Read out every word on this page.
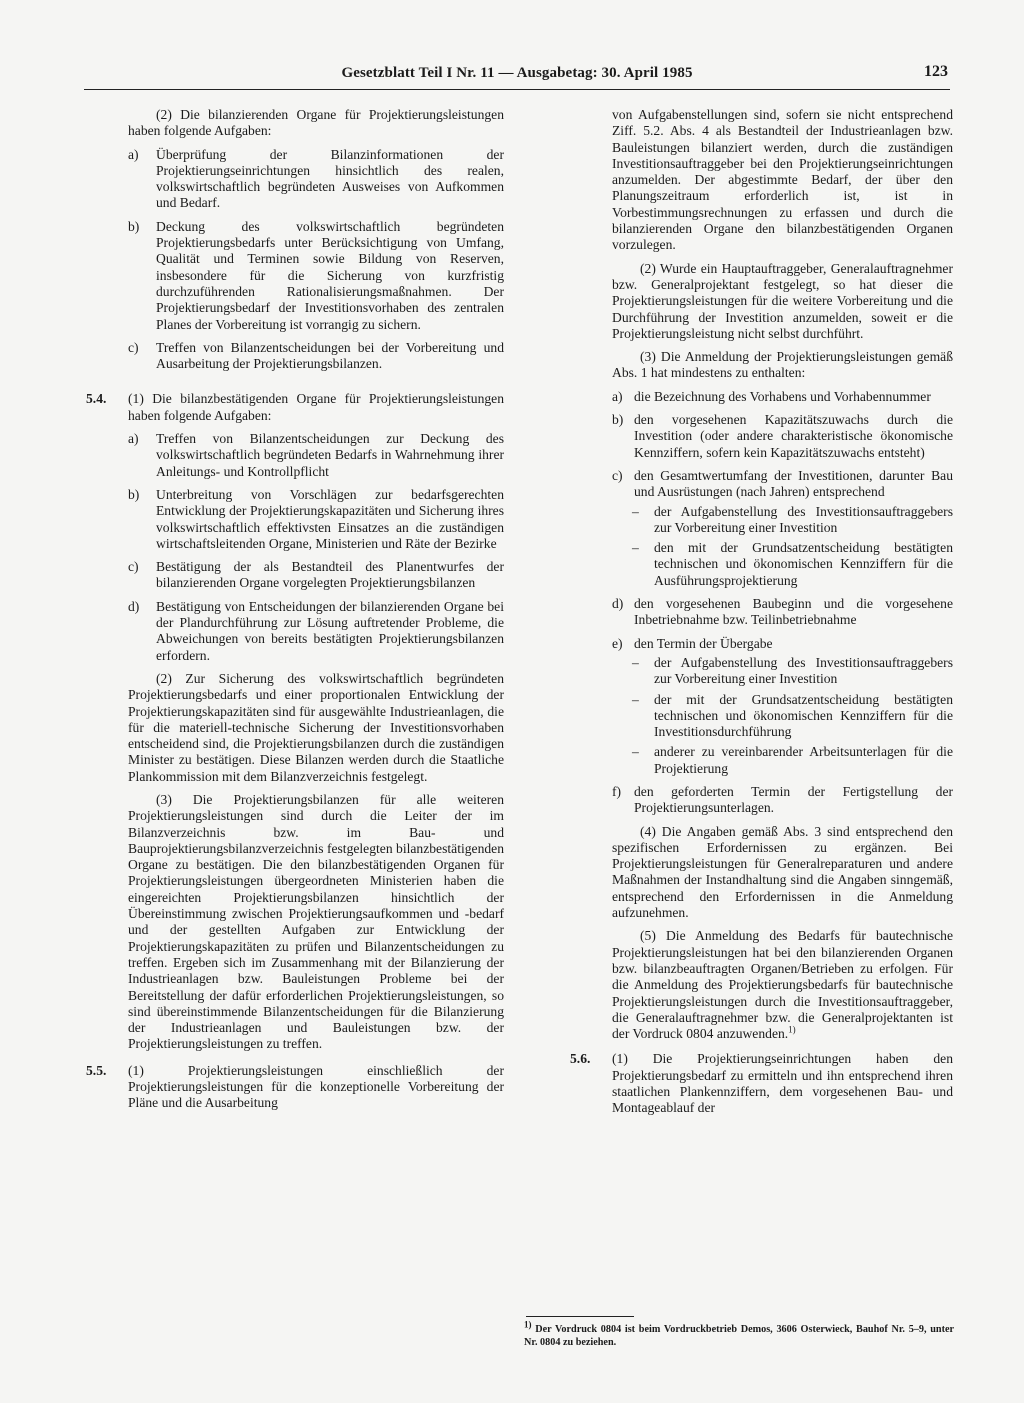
Gesetzblatt Teil I Nr. 11 — Ausgabetag: 30. April 1985	123

(2) Die bilanzierenden Organe für Projektierungsleistungen haben folgende Aufgaben:

a) Überprüfung der Bilanzinformationen der Projektierungseinrichtungen hinsichtlich des realen, volkswirtschaftlich begründeten Ausweises von Aufkommen und Bedarf.
b) Deckung des volkswirtschaftlich begründeten Projektierungsbedarfs unter Berücksichtigung von Umfang, Qualität und Terminen sowie Bildung von Reserven, insbesondere für die Sicherung von kurzfristig durchzuführenden Rationalisierungsmaßnahmen. Der Projektierungsbedarf der Investitionsvorhaben des zentralen Planes der Vorbereitung ist vorrangig zu sichern.
c) Treffen von Bilanzentscheidungen bei der Vorbereitung und Ausarbeitung der Projektierungsbilanzen.
5.4. (1) Die bilanzbestätigenden Organe für Projektierungsleistungen haben folgende Aufgaben:

a) Treffen von Bilanzentscheidungen zur Deckung des volkswirtschaftlich begründeten Bedarfs in Wahrnehmung ihrer Anleitungs- und Kontrollpflicht
b) Unterbreitung von Vorschlägen zur bedarfsgerechten Entwicklung der Projektierungskapazitäten und Sicherung ihres volkswirtschaftlich effektivsten Einsatzes an die zuständigen wirtschaftsleitenden Organe, Ministerien und Räte der Bezirke
c) Bestätigung der als Bestandteil des Planentwurfes der bilanzierenden Organe vorgelegten Projektierungsbilanzen
d) Bestätigung von Entscheidungen der bilanzierenden Organe bei der Plandurchführung zur Lösung auftretender Probleme, die Abweichungen von bereits bestätigten Projektierungsbilanzen erfordern.

(2) Zur Sicherung des volkswirtschaftlich begründeten Projektierungsbedarfs und einer proportionalen Entwicklung der Projektierungskapazitäten sind für ausgewählte Industrieanlagen, die für die materiell-technische Sicherung der Investitionsvorhaben entscheidend sind, die Projektierungsbilanzen durch die zuständigen Minister zu bestätigen. Diese Bilanzen werden durch die Staatliche Plankommission mit dem Bilanzverzeichnis festgelegt.

(3) Die Projektierungsbilanzen für alle weiteren Projektierungsleistungen sind durch die Leiter der im Bilanzverzeichnis bzw. im Bau- und Bauprojektierungsbilanzverzeichnis festgelegten bilanzbestätigenden Organe zu bestätigen. Die den bilanzbestätigenden Organen für Projektierungsleistungen übergeordneten Ministerien haben die eingereichten Projektierungsbilanzen hinsichtlich der Übereinstimmung zwischen Projektierungsaufkommen und -bedarf und der gestellten Aufgaben zur Entwicklung der Projektierungskapazitäten zu prüfen und Bilanzentscheidungen zu treffen. Ergeben sich im Zusammenhang mit der Bilanzierung der Industrieanlagen bzw. Bauleistungen Probleme bei der Bereitstellung der dafür erforderlichen Projektierungsleistungen, so sind übereinstimmende Bilanzentscheidungen für die Bilanzierung der Industrieanlagen und Bauleistungen bzw. der Projektierungsleistungen zu treffen.

5.5. (1) Projektierungsleistungen einschließlich der Projektierungsleistungen für die konzeptionelle Vorbereitung der Pläne und die Ausarbeitung

von Aufgabenstellungen sind, sofern sie nicht entsprechend Ziff. 5.2. Abs. 4 als Bestandteil der Industrieanlagen bzw. Bauleistungen bilanziert werden, durch die zuständigen Investitionsauftraggeber bei den Projektierungseinrichtungen anzumelden. Der abgestimmte Bedarf, der über den Planungszeitraum erforderlich ist, ist in Vorbestimmungsrechnungen zu erfassen und durch die bilanzierenden Organe den bilanzbestätigenden Organen vorzulegen.

(2) Wurde ein Hauptauftraggeber, Generalauftragnehmer bzw. Generalprojektant festgelegt, so hat dieser die Projektierungsleistungen für die weitere Vorbereitung und die Durchführung der Investition anzumelden, soweit er die Projektierungsleistung nicht selbst durchführt.

(3) Die Anmeldung der Projektierungsleistungen gemäß Abs. 1 hat mindestens zu enthalten:

a) die Bezeichnung des Vorhabens und Vorhabennummer
b) den vorgesehenen Kapazitätszuwachs durch die Investition (oder andere charakteristische ökonomische Kennziffern, sofern kein Kapazitätszuwachs entsteht)
c) den Gesamtwertumfang der Investitionen, darunter Bau und Ausrüstungen (nach Jahren) entsprechend
– der Aufgabenstellung des Investitionsauftraggebers zur Vorbereitung einer Investition
– den mit der Grundsatzentscheidung bestätigten technischen und ökonomischen Kennziffern für die Ausführungsprojektierung
d) den vorgesehenen Baubeginn und die vorgesehene Inbetriebnahme bzw. Teilinbetriebnahme
e) den Termin der Übergabe
– der Aufgabenstellung des Investitionsauftraggebers zur Vorbereitung einer Investition
– der mit der Grundsatzentscheidung bestätigten technischen und ökonomischen Kennziffern für die Investitionsdurchführung
– anderer zu vereinbarender Arbeitsunterlagen für die Projektierung
f) den geforderten Termin der Fertigstellung der Projektierungsunterlagen.

(4) Die Angaben gemäß Abs. 3 sind entsprechend den spezifischen Erfordernissen zu ergänzen. Bei Projektierungsleistungen für Generalreparaturen und andere Maßnahmen der Instandhaltung sind die Angaben sinngemäß, entsprechend den Erfordernissen in die Anmeldung aufzunehmen.

(5) Die Anmeldung des Bedarfs für bautechnische Projektierungsleistungen hat bei den bilanzierenden Organen bzw. bilanzbeauftragten Organen/Betrieben zu erfolgen. Für die Anmeldung des Projektierungsbedarfs für bautechnische Projektierungsleistungen durch die Investitionsauftraggeber, die Generalauftragnehmer bzw. die Generalprojektanten ist der Vordruck 0804 anzuwenden.$^{1)}$

5.6. (1) Die Projektierungseinrichtungen haben den Projektierungsbedarf zu ermitteln und ihn entsprechend ihren staatlichen Plankennziffern, dem vorgesehenen Bau- und Montageablauf der

$^{1)}$ Der Vordruck 0804 ist beim Vordruckbetrieb Demos, 3606 Osterwieck, Bauhof Nr. 5–9, unter Nr. 0804 zu beziehen.
